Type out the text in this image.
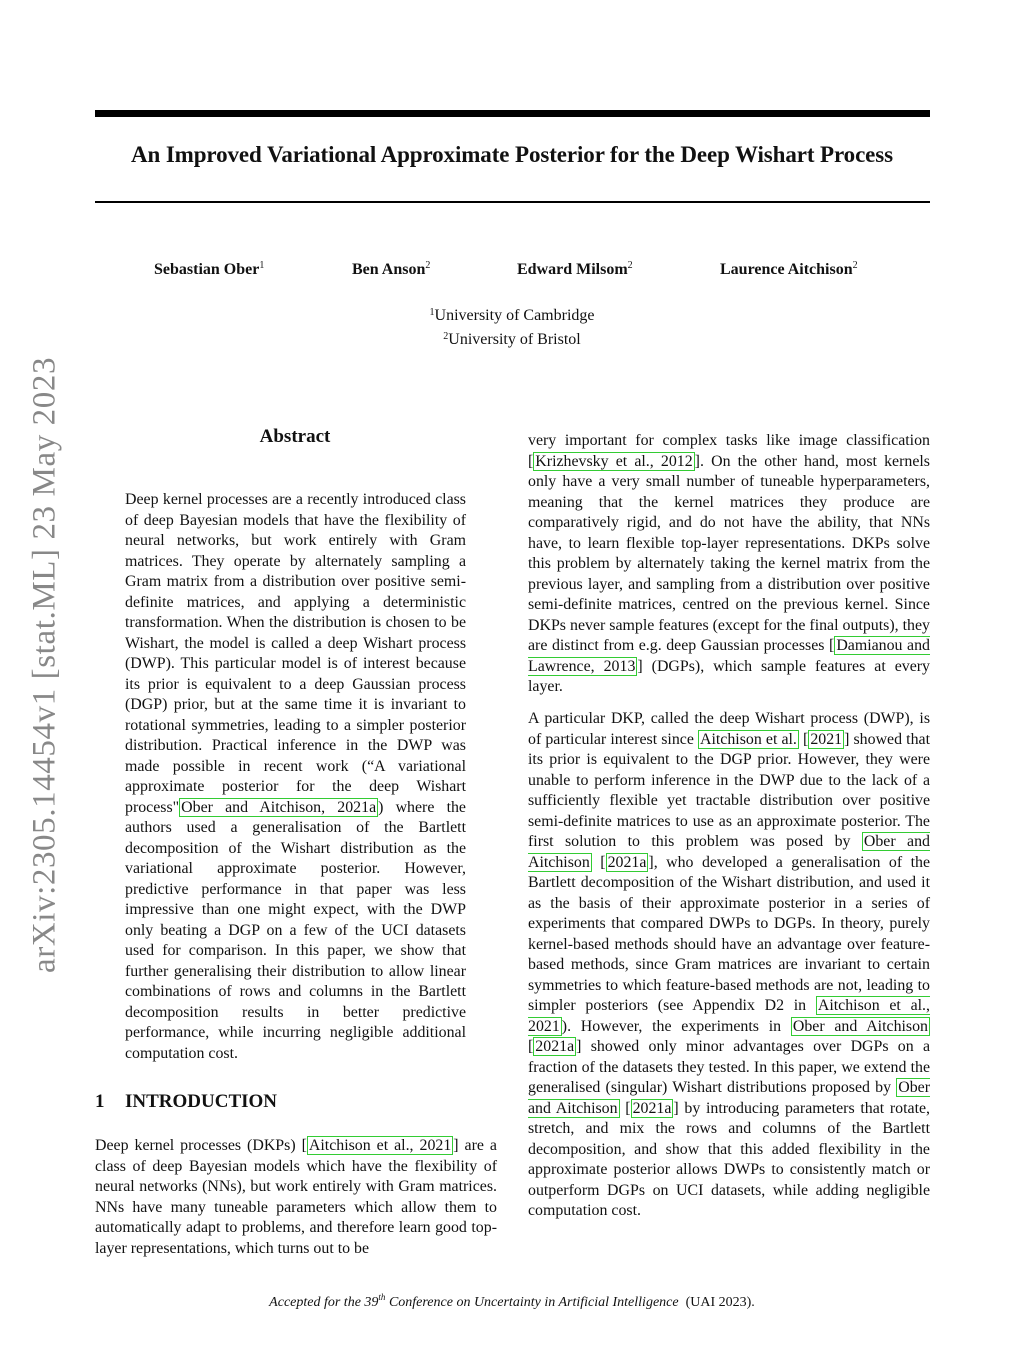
arXiv:2305.14454v1 [stat.ML] 23 May 2023
An Improved Variational Approximate Posterior for the Deep Wishart Process
Sebastian Ober$^1$	Ben Anson$^2$	Edward Milsom$^2$	Laurence Aitchison$^2$
$^1$University of Cambridge
$^2$University of Bristol
Abstract

Deep kernel processes are a recently introduced class of deep Bayesian models that have the flexibility of neural networks, but work entirely with Gram matrices. They operate by alternately sampling a Gram matrix from a distribution over positive semi-definite matrices, and applying a deterministic transformation. When the distribution is chosen to be Wishart, the model is called a deep Wishart process (DWP). This particular model is of interest because its prior is equivalent to a deep Gaussian process (DGP) prior, but at the same time it is invariant to rotational symmetries, leading to a simpler posterior distribution. Practical inference in the DWP was made possible in recent work (“A variational approximate posterior for the deep Wishart process" Ober and Aitchison, 2021a ) where the authors used a generalisation of the Bartlett decomposition of the Wishart distribution as the variational approximate posterior. However, predictive performance in that paper was less impressive than one might expect, with the DWP only beating a DGP on a few of the UCI datasets used for comparison. In this paper, we show that further generalising their distribution to allow linear combinations of rows and columns in the Bartlett decomposition results in better predictive performance, while incurring negligible additional computation cost.

1 INTRODUCTION

Deep kernel processes (DKPs) [ Aitchison et al., 2021 ] are a class of deep Bayesian models which have the flexibility of neural networks (NNs), but work entirely with Gram matrices. NNs have many tuneable parameters which allow them to automatically adapt to problems, and therefore learn good top-layer representations, which turns out to be

very important for complex tasks like image classification [ Krizhevsky et al., 2012 ]. On the other hand, most kernels only have a very small number of tuneable hyperparameters, meaning that the kernel matrices they produce are comparatively rigid, and do not have the ability, that NNs have, to learn flexible top-layer representations. DKPs solve this problem by alternately taking the kernel matrix from the previous layer, and sampling from a distribution over positive semi-definite matrices, centred on the previous kernel. Since DKPs never sample features (except for the final outputs), they are distinct from e.g. deep Gaussian processes [ Damianou and Lawrence, 2013 ] (DGPs), which sample features at every layer.

A particular DKP, called the deep Wishart process (DWP), is of particular interest since Aitchison et al. [ 2021 ] showed that its prior is equivalent to the DGP prior. However, they were unable to perform inference in the DWP due to the lack of a sufficiently flexible yet tractable distribution over positive semi-definite matrices to use as an approximate posterior. The first solution to this problem was posed by Ober and Aitchison [ 2021a ], who developed a generalisation of the Bartlett decomposition of the Wishart distribution, and used it as the basis of their approximate posterior in a series of experiments that compared DWPs to DGPs. In theory, purely kernel-based methods should have an advantage over feature-based methods, since Gram matrices are invariant to certain symmetries to which feature-based methods are not, leading to simpler posteriors (see Appendix D2 in Aitchison et al., 2021 ). However, the experiments in Ober and Aitchison [ 2021a ] showed only minor advantages over DGPs on a fraction of the datasets they tested. In this paper, we extend the generalised (singular) Wishart distributions proposed by Ober and Aitchison [ 2021a ] by introducing parameters that rotate, stretch, and mix the rows and columns of the Bartlett decomposition, and show that this added flexibility in the approximate posterior allows DWPs to consistently match or outperform DGPs on UCI datasets, while adding negligible computation cost.

Accepted for the 39th Conference on Uncertainty in Artificial Intelligence (UAI 2023).
